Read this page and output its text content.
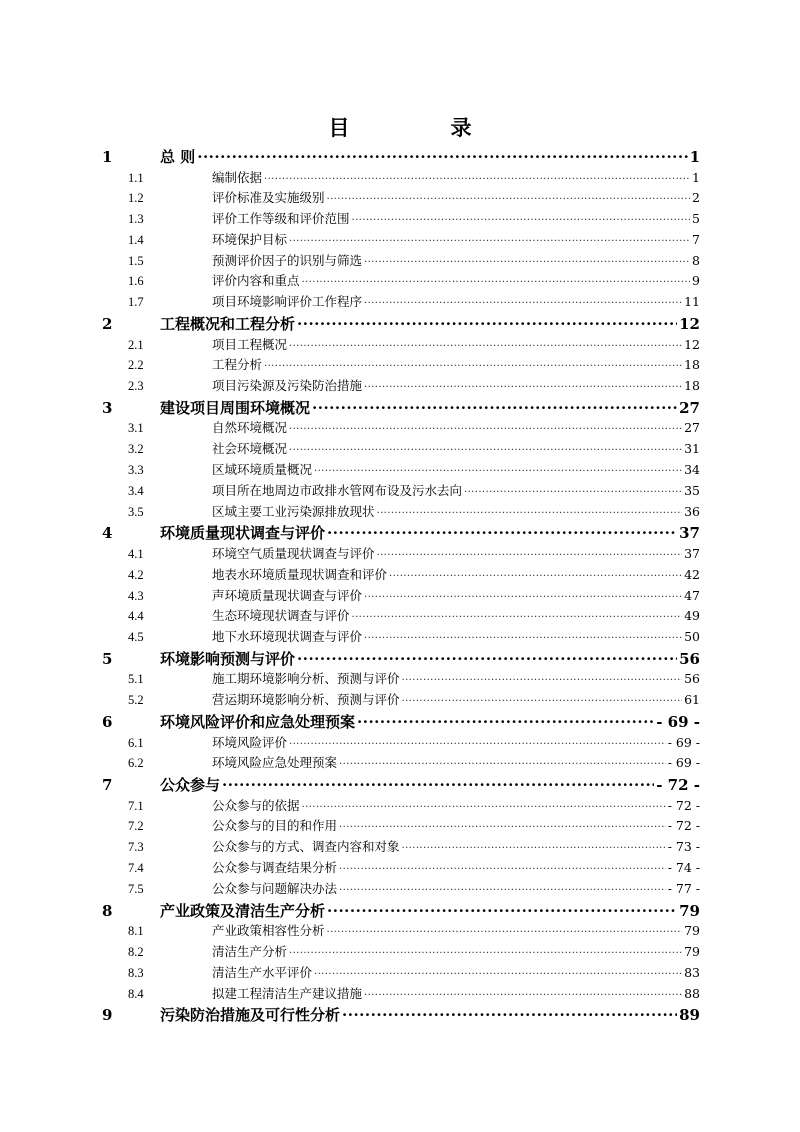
目　录
1	总 则 .....	1
1.1	编制依据 .....	1
1.2	评价标准及实施级别 .....	2
1.3	评价工作等级和评价范围 .....	5
1.4	环境保护目标 .....	7
1.5	预测评价因子的识别与筛选 .....	8
1.6	评价内容和重点 .....	9
1.7	项目环境影响评价工作程序 .....	11
2	工程概况和工程分析 .....	12
2.1	项目工程概况 .....	12
2.2	工程分析 .....	18
2.3	项目污染源及污染防治措施 .....	18
3	建设项目周围环境概况 .....	27
3.1	自然环境概况 .....	27
3.2	社会环境概况 .....	31
3.3	区域环境质量概况 .....	34
3.4	项目所在地周边市政排水管网布设及污水去向 .....	35
3.5	区域主要工业污染源排放现状 .....	36
4	环境质量现状调查与评价 .....	37
4.1	环境空气质量现状调查与评价 .....	37
4.2	地表水环境质量现状调查和评价 .....	42
4.3	声环境质量现状调查与评价 .....	47
4.4	生态环境现状调查与评价 .....	49
4.5	地下水环境现状调查与评价 .....	50
5	环境影响预测与评价 .....	56
5.1	施工期环境影响分析、预测与评价 .....	56
5.2	营运期环境影响分析、预测与评价 .....	61
6	环境风险评价和应急处理预案 .....	- 69 -
6.1	环境风险评价 .....	- 69 -
6.2	环境风险应急处理预案 .....	- 69 -
7	公众参与 .....	- 72 -
7.1	公众参与的依据 .....	- 72 -
7.2	公众参与的目的和作用 .....	- 72 -
7.3	公众参与的方式、调查内容和对象 .....	- 73 -
7.4	公众参与调查结果分析 .....	- 74 -
7.5	公众参与问题解决办法 .....	- 77 -
8	产业政策及清洁生产分析 .....	79
8.1	产业政策相容性分析 .....	79
8.2	清洁生产分析 .....	79
8.3	清洁生产水平评价 .....	83
8.4	拟建工程清洁生产建议措施 .....	88
9	污染防治措施及可行性分析 .....	89
